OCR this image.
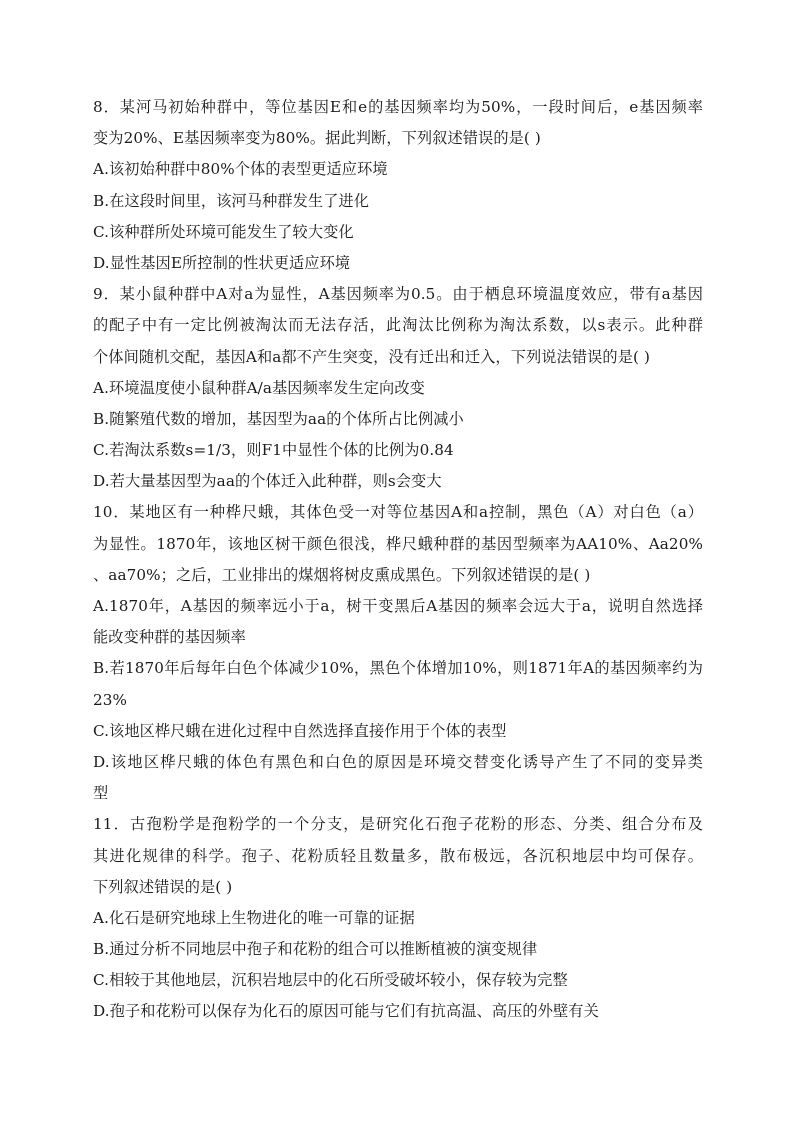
8．某河马初始种群中，等位基因E和e的基因频率均为50%，一段时间后，e基因频率
变为20%、E基因频率变为80%。据此判断，下列叙述错误的是( )
A.该初始种群中80%个体的表型更适应环境
B.在这段时间里，该河马种群发生了进化
C.该种群所处环境可能发生了较大变化
D.显性基因E所控制的性状更适应环境
9．某小鼠种群中A对a为显性，A基因频率为0.5。由于栖息环境温度效应，带有a基因
的配子中有一定比例被淘汰而无法存活，此淘汰比例称为淘汰系数，以s表示。此种群
个体间随机交配，基因A和a都不产生突变，没有迁出和迁入，下列说法错误的是( )
A.环境温度使小鼠种群A/a基因频率发生定向改变
B.随繁殖代数的增加，基因型为aa的个体所占比例减小
C.若淘汰系数s=1/3，则F1中显性个体的比例为0.84
D.若大量基因型为aa的个体迁入此种群，则s会变大
10．某地区有一种桦尺蛾，其体色受一对等位基因A和a控制，黑色（A）对白色（a）
为显性。1870年，该地区树干颜色很浅，桦尺蛾种群的基因型频率为AA10%、Aa20%
、aa70%；之后，工业排出的煤烟将树皮熏成黑色。下列叙述错误的是( )
A.1870年，A基因的频率远小于a，树干变黑后A基因的频率会远大于a，说明自然选择
能改变种群的基因频率
B.若1870年后每年白色个体减少10%，黑色个体增加10%，则1871年A的基因频率约为
23%
C.该地区桦尺蛾在进化过程中自然选择直接作用于个体的表型
D.该地区桦尺蛾的体色有黑色和白色的原因是环境交替变化诱导产生了不同的变异类
型
11．古孢粉学是孢粉学的一个分支，是研究化石孢子花粉的形态、分类、组合分布及
其进化规律的科学。孢子、花粉质轻且数量多，散布极远，各沉积地层中均可保存。
下列叙述错误的是( )
A.化石是研究地球上生物进化的唯一可靠的证据
B.通过分析不同地层中孢子和花粉的组合可以推断植被的演变规律
C.相较于其他地层，沉积岩地层中的化石所受破坏较小，保存较为完整
D.孢子和花粉可以保存为化石的原因可能与它们有抗高温、高压的外壁有关
